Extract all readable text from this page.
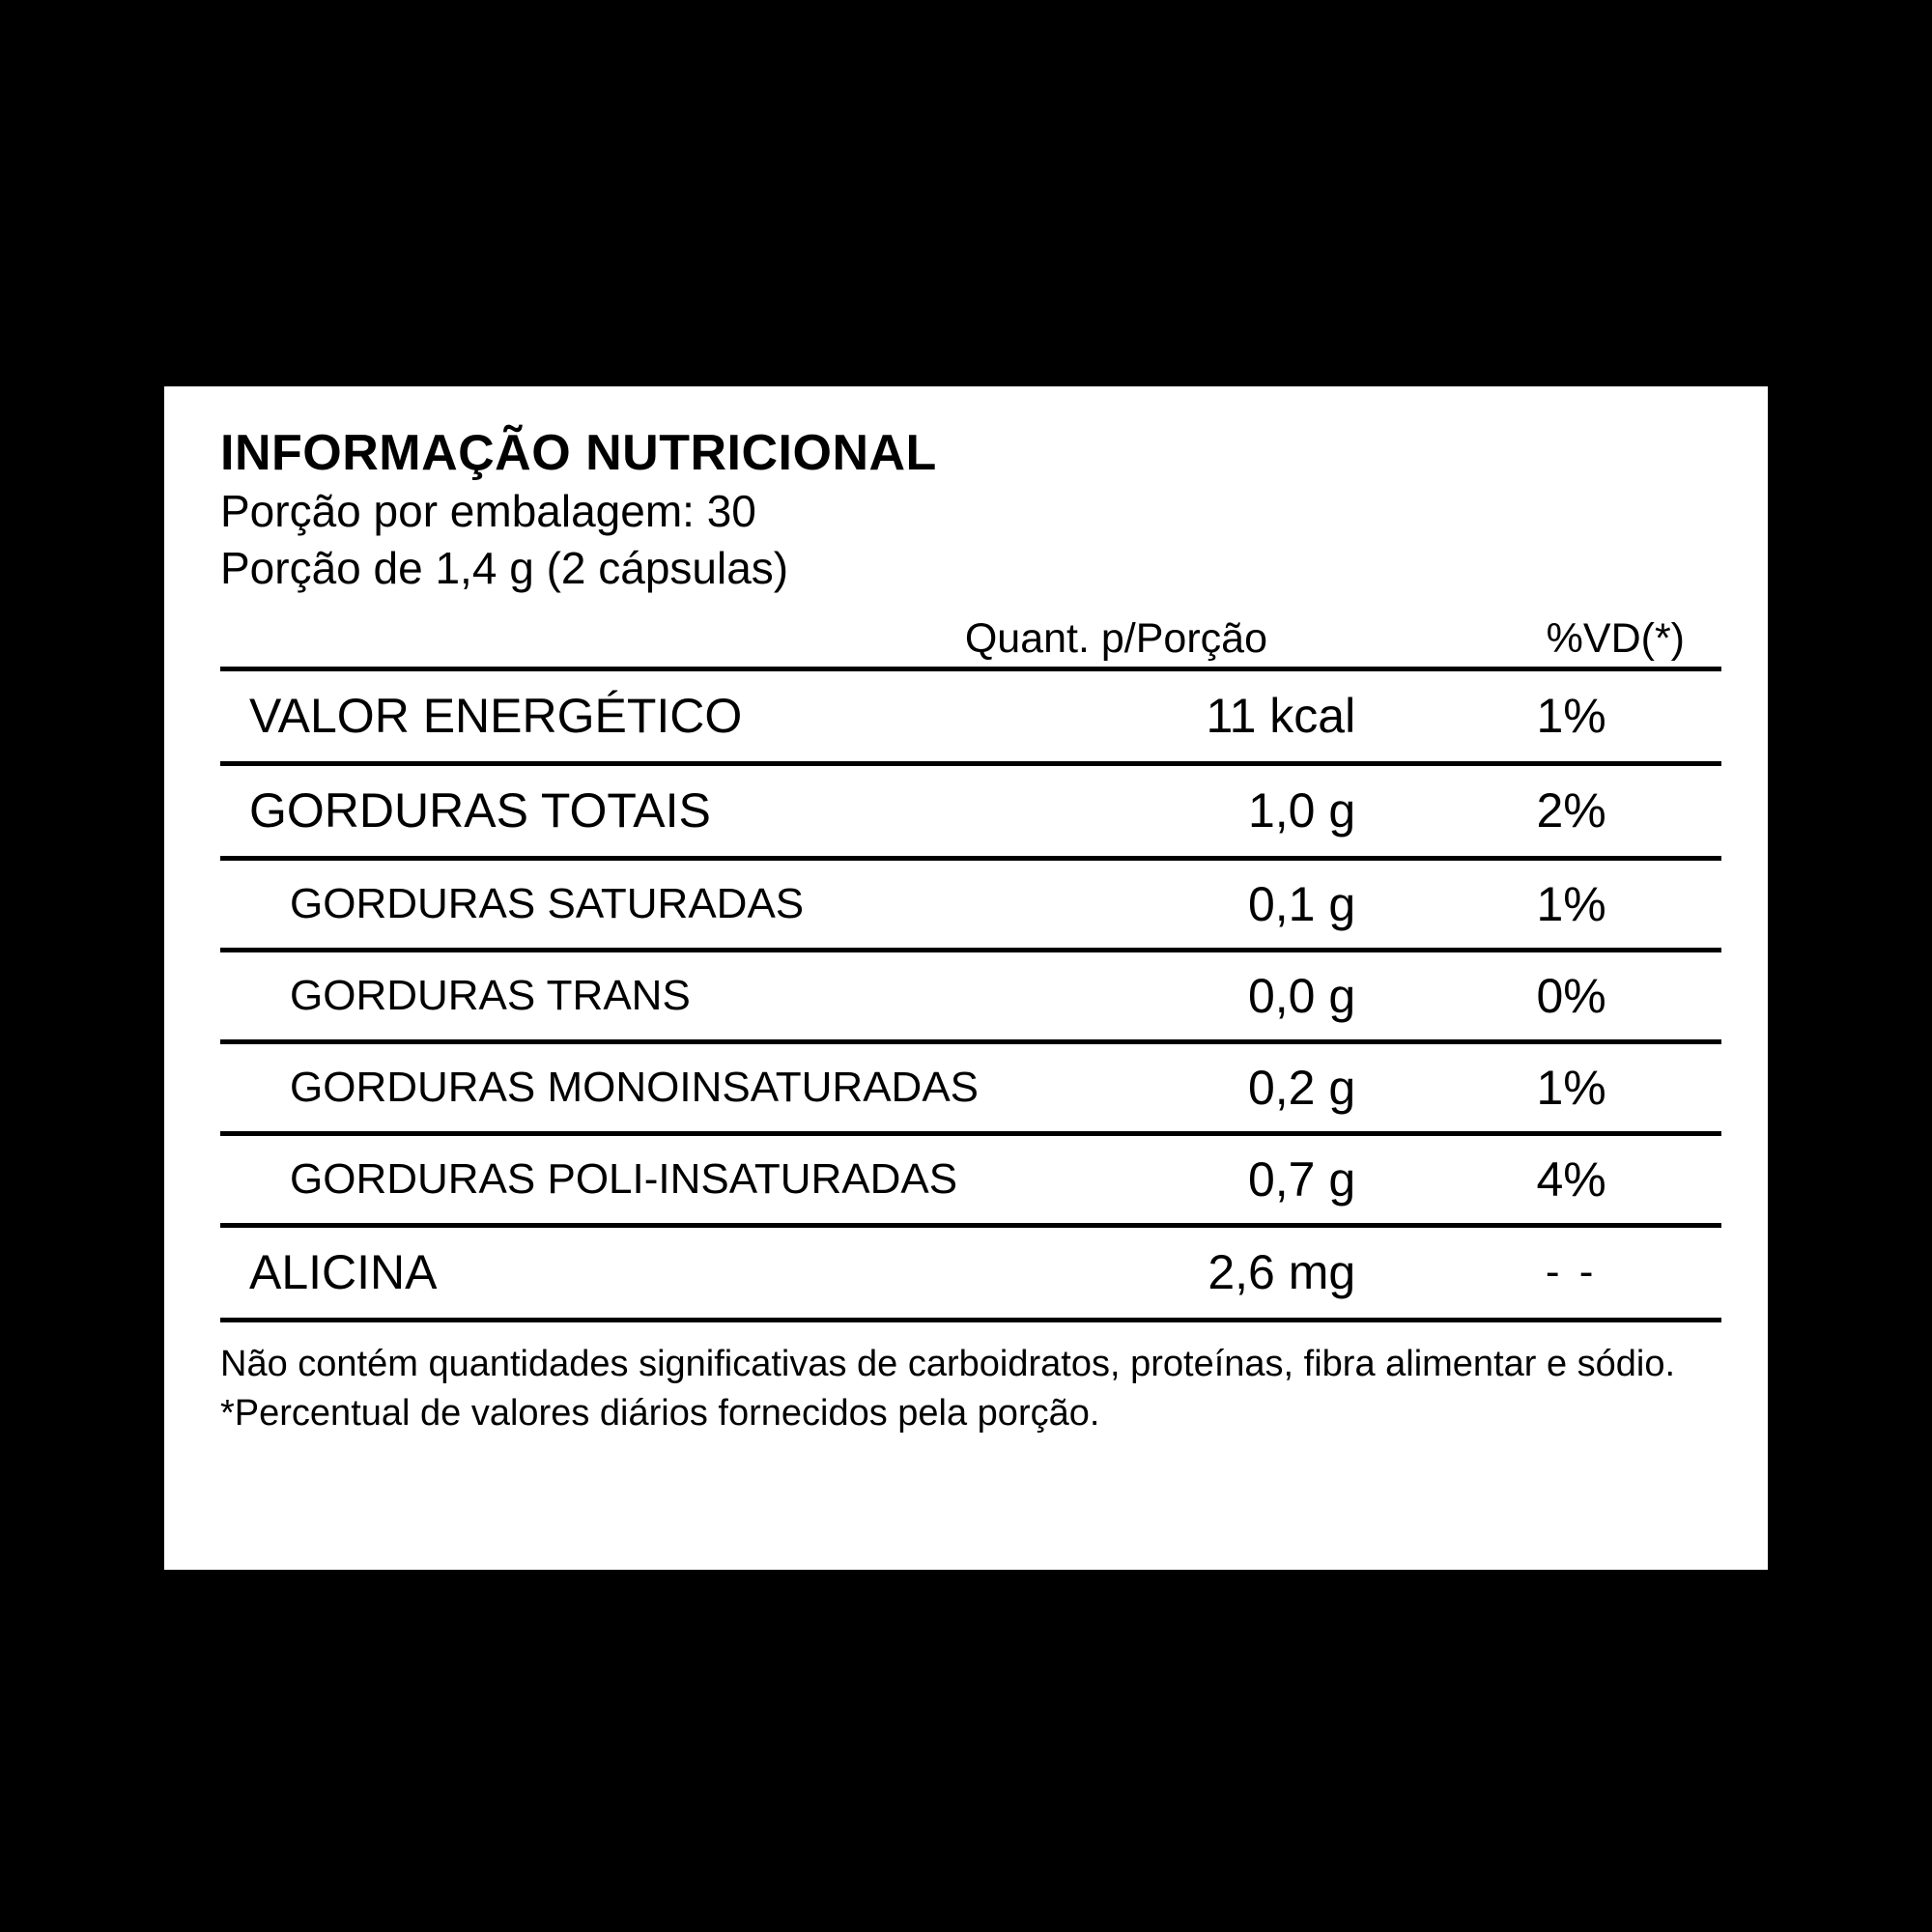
INFORMAÇÃO NUTRICIONAL
Porção por embalagem: 30
Porção de 1,4 g (2 cápsulas)
Quant. p/Porção	%VD(*)
VALOR ENERGÉTICO	11 kcal	1%
GORDURAS TOTAIS	1,0 g	2%
GORDURAS SATURADAS	0,1 g	1%
GORDURAS TRANS	0,0 g	0%
GORDURAS MONOINSATURADAS	0,2 g	1%
GORDURAS POLI-INSATURADAS	0,7 g	4%
ALICINA	2,6 mg	- -
Não contém quantidades significativas de carboidratos, proteínas, fibra alimentar e sódio. *Percentual de valores diários fornecidos pela porção.
